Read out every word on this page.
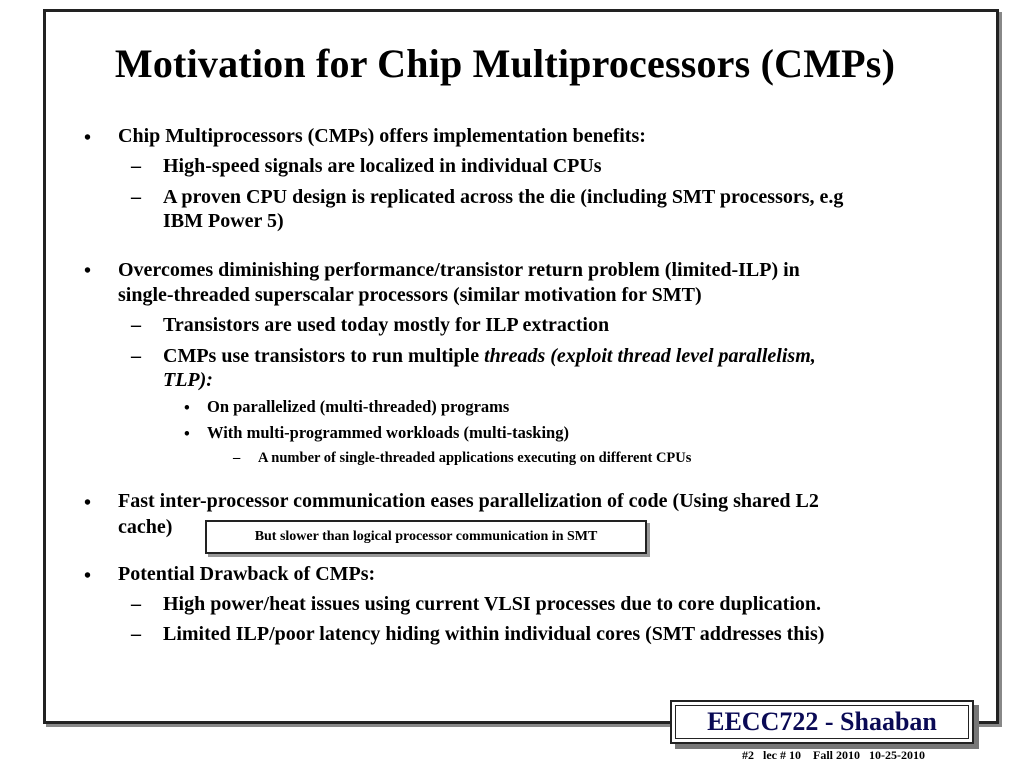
Motivation for Chip Multiprocessors (CMPs)
• Chip Multiprocessors (CMPs) offers implementation benefits:
– High-speed signals are localized in individual CPUs
– A proven CPU design is replicated across the die (including SMT processors, e.g
IBM Power 5)
• Overcomes diminishing performance/transistor return problem (limited-ILP) in
single-threaded superscalar processors (similar motivation for SMT)
– Transistors are used today mostly for ILP extraction
– CMPs use transistors to run multiple threads (exploit thread level parallelism,
TLP):
• On parallelized (multi-threaded) programs
• With multi-programmed workloads (multi-tasking)
– A number of single-threaded applications executing on different CPUs
• Fast inter-processor communication eases parallelization of code (Using shared L2
cache)	But slower than logical processor communication in SMT
• Potential Drawback of CMPs:
– High power/heat issues using current VLSI processes due to core duplication.
– Limited ILP/poor latency hiding within individual cores (SMT addresses this)
EECC722 - Shaaban
#2 lec # 10 Fall 2010 10-25-2010
